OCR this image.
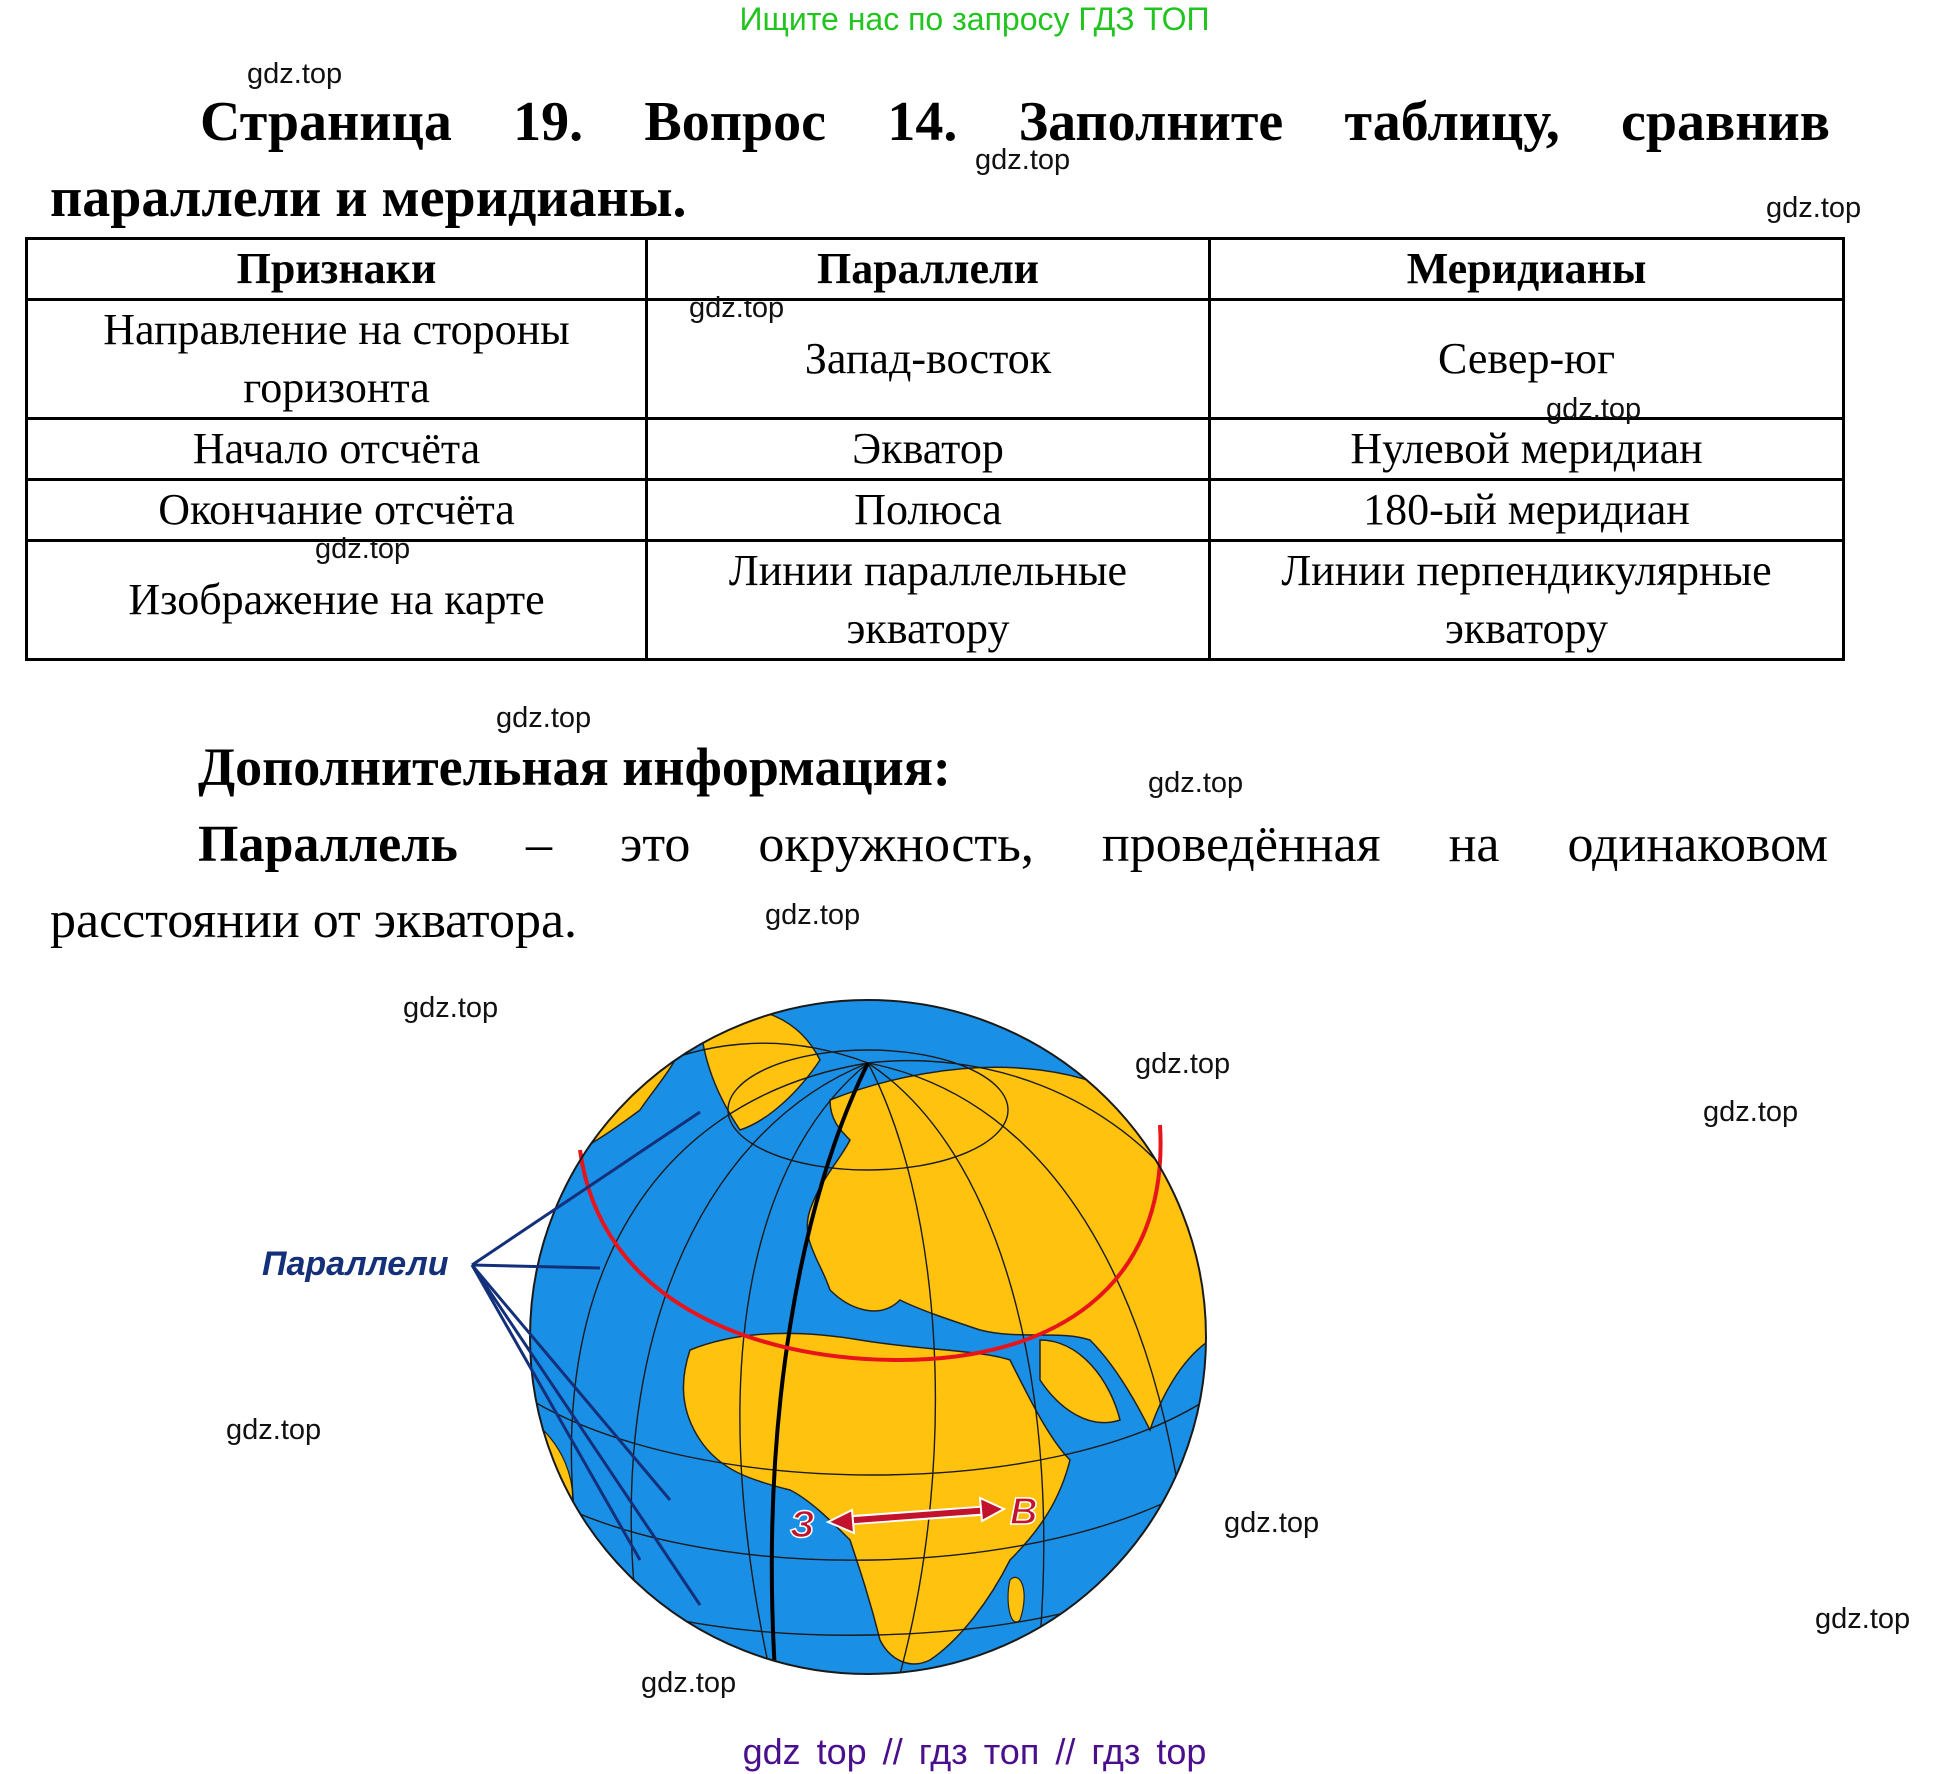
Ищите нас по запросу ГДЗ ТОП
Страница 19. Вопрос 14. Заполните таблицу, сравнив
параллели и меридианы.
Признаки	Параллели	Меридианы
Направление на стороны горизонта	Запад-восток	Север-юг
Начало отсчёта	Экватор	Нулевой меридиан
Окончание отсчёта	Полюса	180-ый меридиан
Изображение на карте	Линии параллельные экватору	Линии перпендикулярные экватору
Дополнительная информация:
Параллель – это окружность, проведённая на одинаковом
расстоянии от экватора.
З	В
Параллели
gdz.top
gdz.top
gdz.top
gdz.top
gdz.top
gdz.top
gdz.top
gdz.top
gdz.top
gdz.top
gdz.top
gdz.top
gdz.top
gdz.top
gdz.top
gdz.top
gdz top // гдз топ // гдз top
